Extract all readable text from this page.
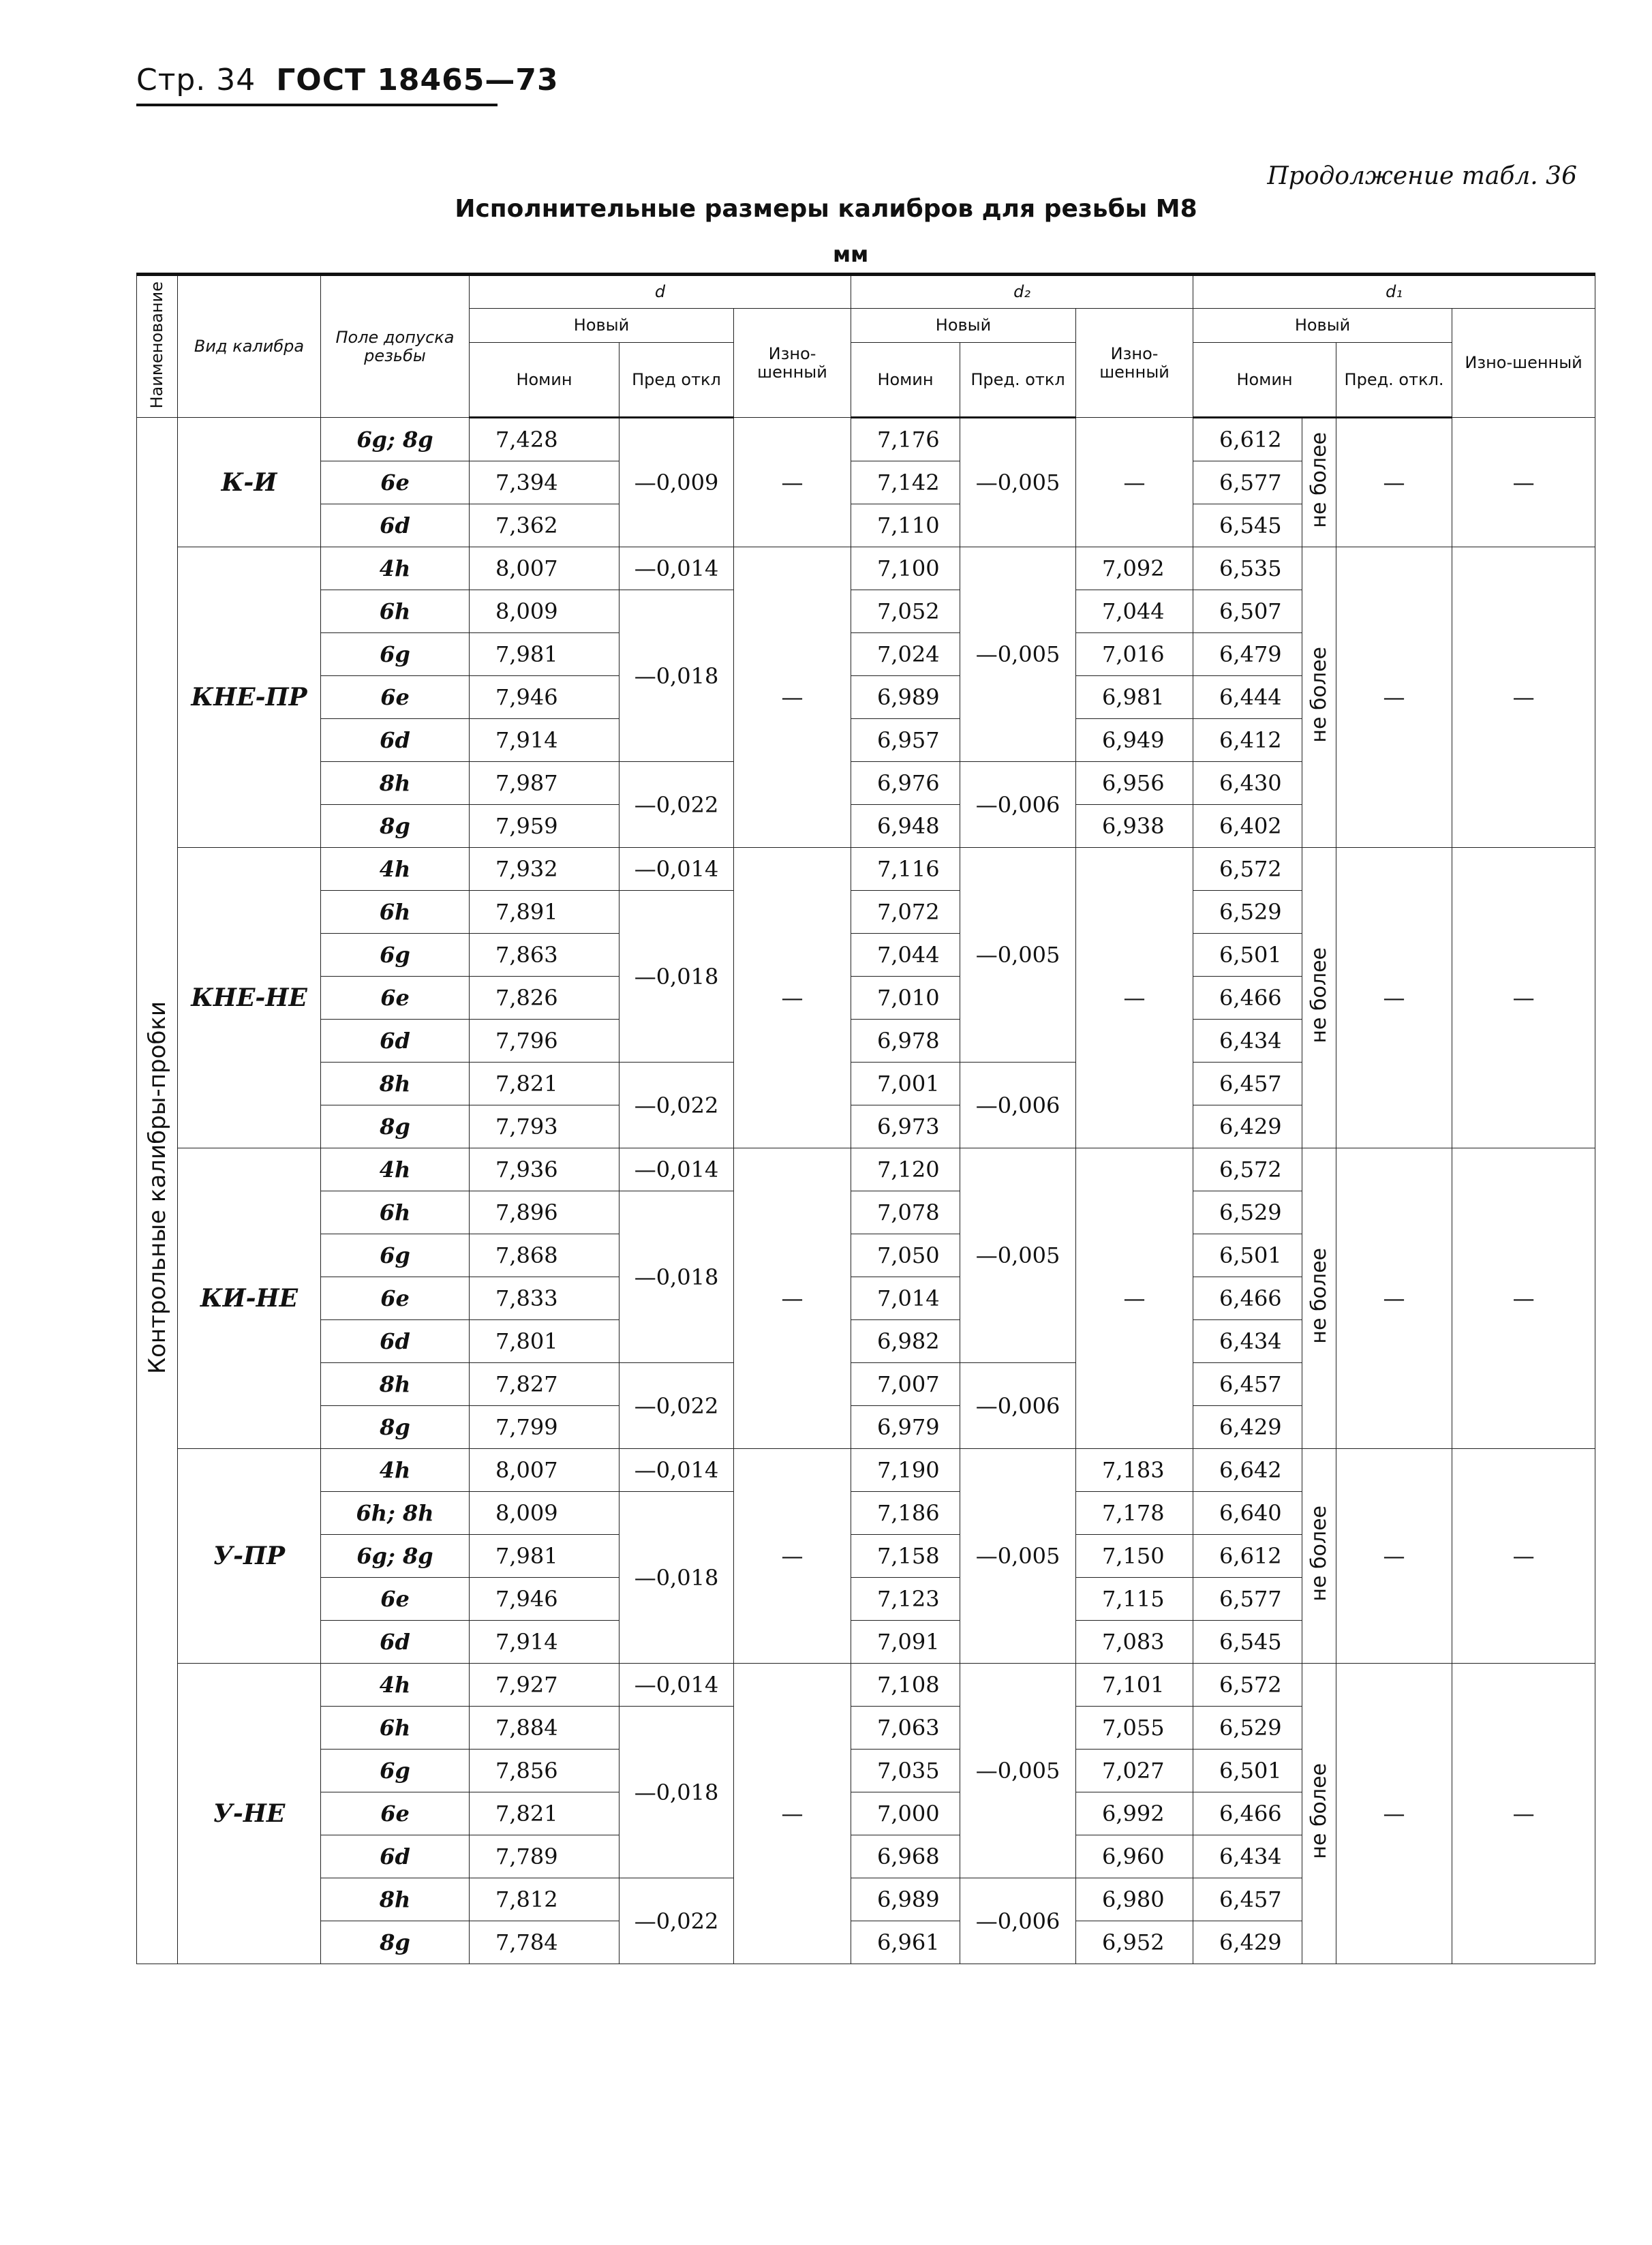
Стр. 34 ГОСТ 18465—73
Продолжение табл. 36
Исполнительные размеры калибров для резьбы М8
мм
Наименование	Вид калибра	Поле допуска резьбы	d			d₂			d₁			
			Новый		Изно-шенный	Новый		Изно-шенный	Новый			Изно-шенный
			Номин	Пред откл		Номин	Пред. откл		Номин		Пред. откл.	
Контрольные калибры-пробки	К-И	6g; 8g	7,428	—0,009	—	7,176	—0,005	—	6,612	не более	—	—
		6e	7,394			7,142			6,577			
		6d	7,362			7,110			6,545			
	КНЕ-ПР	4h	8,007	—0,014	—	7,100	—0,005	7,092	6,535	не более	—	—
		6h	8,009	—0,018		7,052		7,044	6,507			
		6g	7,981			7,024		7,016	6,479			
		6e	7,946			6,989		6,981	6,444			
		6d	7,914			6,957		6,949	6,412			
		8h	7,987	—0,022		6,976	—0,006	6,956	6,430			
		8g	7,959			6,948		6,938	6,402			
	КНЕ-НЕ	4h	7,932	—0,014	—	7,116	—0,005	—	6,572	не более	—	—
		6h	7,891	—0,018		7,072			6,529			
		6g	7,863			7,044			6,501			
		6e	7,826			7,010			6,466			
		6d	7,796			6,978			6,434			
		8h	7,821	—0,022		7,001	—0,006		6,457			
		8g	7,793			6,973			6,429			
	КИ-НЕ	4h	7,936	—0,014	—	7,120	—0,005	—	6,572	не более	—	—
		6h	7,896	—0,018		7,078			6,529			
		6g	7,868			7,050			6,501			
		6e	7,833			7,014			6,466			
		6d	7,801			6,982			6,434			
		8h	7,827	—0,022		7,007	—0,006		6,457			
		8g	7,799			6,979			6,429			
	У-ПР	4h	8,007	—0,014	—	7,190	—0,005	7,183	6,642	не более	—	—
		6h; 8h	8,009	—0,018		7,186		7,178	6,640			
		6g; 8g	7,981			7,158		7,150	6,612			
		6e	7,946			7,123		7,115	6,577			
		6d	7,914			7,091		7,083	6,545			
	У-НЕ	4h	7,927	—0,014	—	7,108	—0,005	7,101	6,572	не более	—	—
		6h	7,884	—0,018		7,063		7,055	6,529			
		6g	7,856			7,035		7,027	6,501			
		6e	7,821			7,000		6,992	6,466			
		6d	7,789			6,968		6,960	6,434			
		8h	7,812	—0,022		6,989	—0,006	6,980	6,457			
		8g	7,784			6,961		6,952	6,429			
